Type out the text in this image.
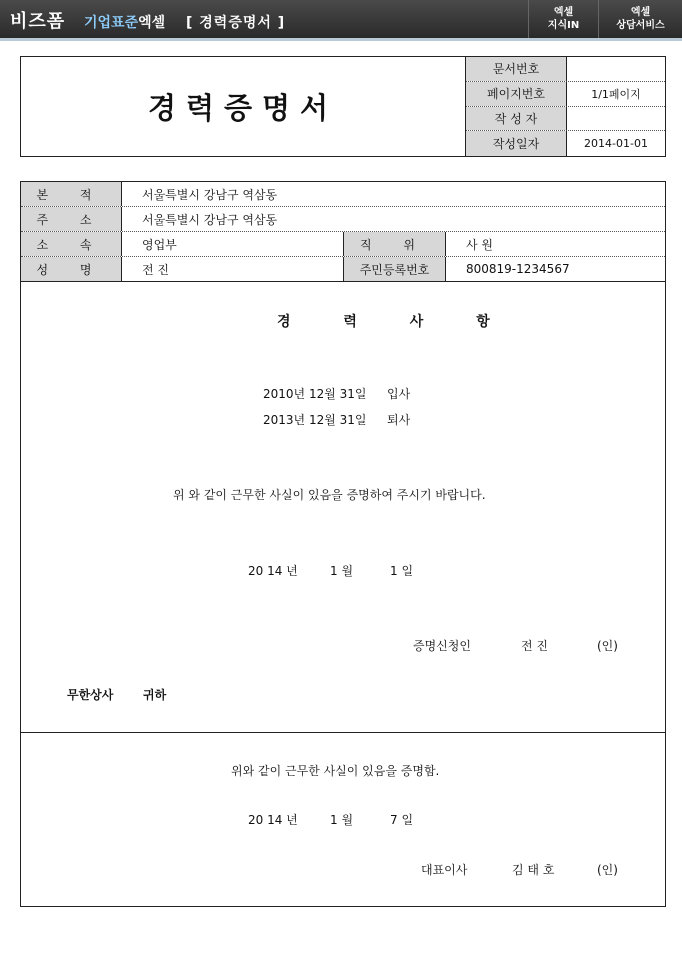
비즈폼 기업표준엑셀 [ 경력증명서 ]
엑셀
지식IN
엑셀
상담서비스
경력증명서
문서번호
페이지번호	1/1페이지
작 성 자
작성일자	2014-01-01
본 적	서울특별시 강남구 역삼동
주 소	서울특별시 강남구 역삼동
소 속	영업부	직 위	사 원
성 명	전 진	주민등록번호	800819-1234567
경 력 사 항
2010년 12월 31일 입사
2013년 12월 31일 퇴사
위 와 같이 근무한 사실이 있음을 증명하여 주시기 바랍니다.
20 14 년	1 월	1 일
증명신청인	전 진	(인)
무한상사 귀하
위와 같이 근무한 사실이 있음을 증명함.
20 14 년	1 월	7 일
대표이사	김 태 호	(인)
